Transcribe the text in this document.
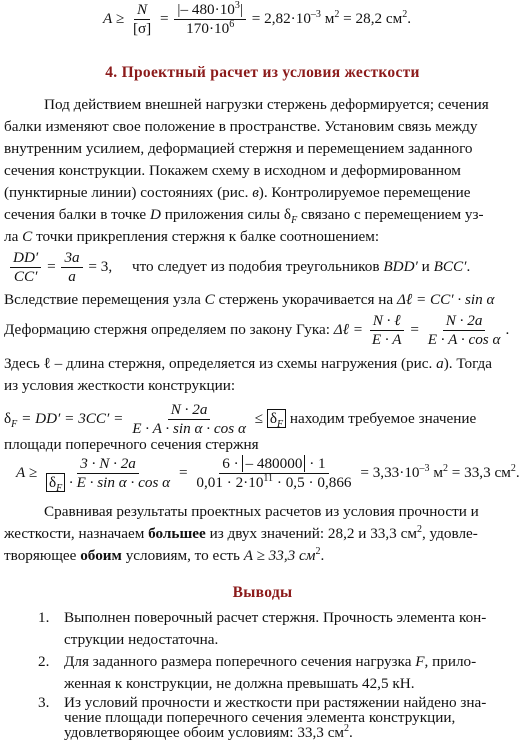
$A \ge \frac{N}{[\sigma]} = \frac{|- 480\cdot 10^3|}{170\cdot 10^6} = 2,82\cdot 10^{-3}$ $м^2 = 28,2$ $см^2$.
4. Проектный расчет из условия жесткости
Под действием внешней нагрузки стержень деформируется; сечения
балки изменяют свое положение в пространстве. Установим связь между
внутренним усилием, деформацией стержня и перемещением заданного
сечения конструкции. Покажем схему в исходном и деформированном
(пунктирные линии) состояниях (рис. в). Контролируемое перемещение
сечения балки в точке D приложения силы $\delta_F$ связано с перемещением уз-
ла C точки прикрепления стержня к балке соотношением:
$\frac{DD'}{CC'} = \frac{3a}{a} = 3$, что следует из подобия треугольников BDD′ и BCC′.
Вследствие перемещения узла C стержень укорачивается на Δℓ = CC′ · sin α
Деформацию стержня определяем по закону Гука: Δℓ = $\frac{\text{N · ℓ}}{E \cdot A} = \frac{N \cdot 2a}{\text{E · A · cos α}}$ .
Здесь ℓ – длина стержня, определяется из схемы нагружения (рис. а). Тогда
из условия жесткости конструкции:
$\delta_F = DD' = 3CC' = \frac{N \cdot 2a}{\text{E · A · sin α · cos α}} \le \delta_F$ находим требуемое значение
площади поперечного сечения стержня
$A \ge \frac{3 \cdot N \cdot 2a}{\delta_F \cdot E \cdot \sin \alpha \cdot \cos \alpha} = \frac{6 \cdot - 480000 \cdot 1}{0,01 \cdot 2\cdot 10^{11} \cdot 0,5 \cdot 0,866} = 3,33\cdot 10^{-3}$ $м^2 = 33,3$ $см^2$.
Сравнивая результаты проектных расчетов из условия прочности и
жесткости, назначаем большее из двух значений: 28,2 и 33,3 $см^2$, удовле-
творяющее обоим условиям, то есть A ≥ 33,3 $см^2$.
Выводы
1. Выполнен поверочный расчет стержня. Прочность элемента кон-
струкции недостаточна.
2. Для заданного размера поперечного сечения нагрузка F, прило-
женная к конструкции, не должна превышать 42,5 кН.
3. Из условий прочности и жесткости при растяжении найдено зна-
чение площади поперечного сечения элемента конструкции,
удовлетворяющее обоим условиям: 33,3 $см^2$.
